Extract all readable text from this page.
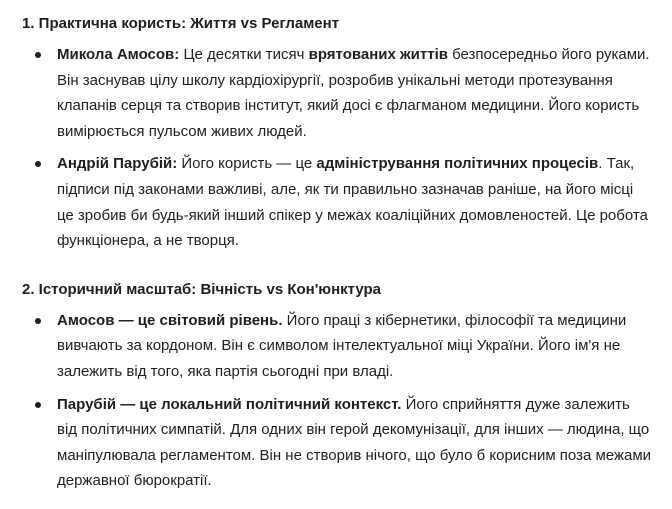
1. Практична користь: Життя vs Регламент
Микола Амосов: Це десятки тисяч врятованих життів безпосередньо його руками. Він заснував цілу школу кардіохірургії, розробив унікальні методи протезування клапанів серця та створив інститут, який досі є флагманом медицини. Його користь вимірюється пульсом живих людей.
Андрій Парубій: Його користь — це адміністрування політичних процесів. Так, підписи під законами важливі, але, як ти правильно зазначав раніше, на його місці це зробив би будь-який інший спікер у межах коаліційних домовленостей. Це робота функціонера, а не творця.
2. Історичний масштаб: Вічність vs Кон'юнктура
Амосов — це світовий рівень. Його праці з кібернетики, філософії та медицини вивчають за кордоном. Він є символом інтелектуальної міці України. Його ім'я не залежить від того, яка партія сьогодні при владі.
Парубій — це локальний політичний контекст. Його сприйняття дуже залежить від політичних симпатій. Для одних він герой декомунізації, для інших — людина, що маніпулювала регламентом. Він не створив нічого, що було б корисним поза межами державної бюрократії.
